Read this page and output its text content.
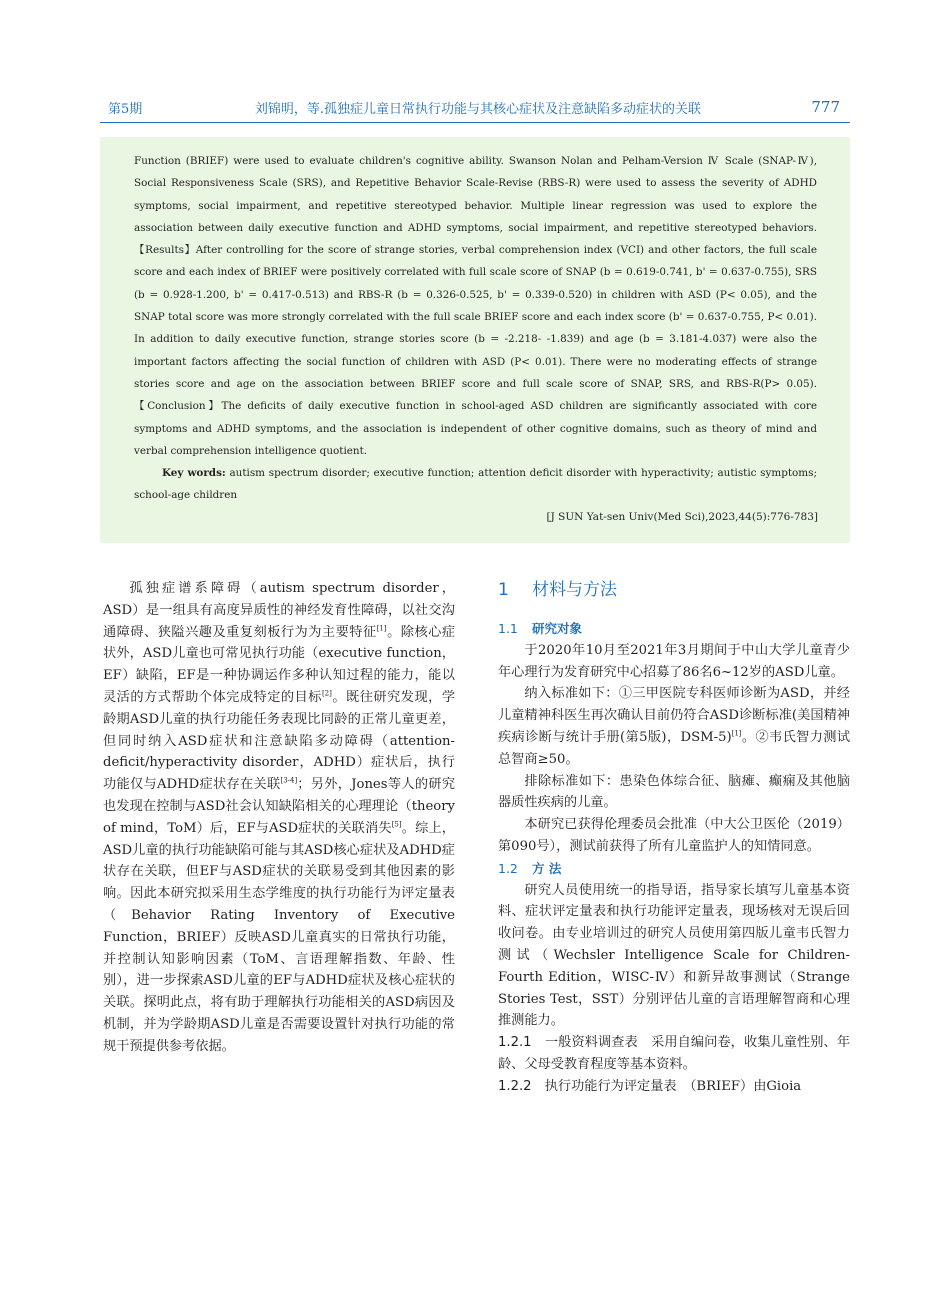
第5期	刘锦明，等.孤独症儿童日常执行功能与其核心症状及注意缺陷多动症状的关联	777

Function (BRIEF) were used to evaluate children's cognitive ability. Swanson Nolan and Pelham-Version Ⅳ Scale (SNAP-Ⅳ), Social Responsiveness Scale (SRS), and Repetitive Behavior Scale-Revise (RBS-R) were used to assess the severity of ADHD symptoms, social impairment, and repetitive stereotyped behavior. Multiple linear regression was used to explore the association between daily executive function and ADHD symptoms, social impairment, and repetitive stereotyped behaviors.【Results】After controlling for the score of strange stories, verbal comprehension index (VCI) and other factors, the full scale score and each index of BRIEF were positively correlated with full scale score of SNAP (b = 0.619-0.741, b' = 0.637-0.755), SRS (b = 0.928-1.200, b' = 0.417-0.513) and RBS-R (b = 0.326-0.525, b' = 0.339-0.520) in children with ASD (P< 0.05), and the SNAP total score was more strongly correlated with the full scale BRIEF score and each index score (b' = 0.637-0.755, P< 0.01). In addition to daily executive function, strange stories score (b = -2.218- -1.839) and age (b = 3.181-4.037) were also the important factors affecting the social function of children with ASD (P< 0.01). There were no moderating effects of strange stories score and age on the association between BRIEF score and full scale score of SNAP, SRS, and RBS-R(P> 0.05).【Conclusion】The deficits of daily executive function in school-aged ASD children are significantly associated with core symptoms and ADHD symptoms, and the association is independent of other cognitive domains, such as theory of mind and verbal comprehension intelligence quotient.

Key words: autism spectrum disorder; executive function; attention deficit disorder with hyperactivity; autistic symptoms; school-age children

[J SUN Yat-sen Univ(Med Sci),2023,44(5):776-783]

孤独症谱系障碍（autism spectrum disorder，ASD）是一组具有高度异质性的神经发育性障碍，以社交沟通障碍、狭隘兴趣及重复刻板行为为主要特征[1]。除核心症状外，ASD儿童也可常见执行功能（executive function，EF）缺陷，EF是一种协调运作多种认知过程的能力，能以灵活的方式帮助个体完成特定的目标[2]。既往研究发现，学龄期ASD儿童的执行功能任务表现比同龄的正常儿童更差，但同时纳入ASD症状和注意缺陷多动障碍（attention-deficit/hyperactivity disorder，ADHD）症状后，执行功能仅与ADHD症状存在关联[3-4]；另外，Jones等人的研究也发现在控制与ASD社会认知缺陷相关的心理理论（theory of mind，ToM）后，EF与ASD症状的关联消失[5]。综上，ASD儿童的执行功能缺陷可能与其ASD核心症状及ADHD症状存在关联，但EF与ASD症状的关联易受到其他因素的影响。因此本研究拟采用生态学维度的执行功能行为评定量表（Behavior Rating Inventory of Executive Function，BRIEF）反映ASD儿童真实的日常执行功能，并控制认知影响因素（ToM、言语理解指数、年龄、性别），进一步探索ASD儿童的EF与ADHD症状及核心症状的关联。探明此点，将有助于理解执行功能相关的ASD病因及机制，并为学龄期ASD儿童是否需要设置针对执行功能的常规干预提供参考依据。

1 材料与方法

1.1 研究对象

于2020年10月至2021年3月期间于中山大学儿童青少年心理行为发育研究中心招募了86名6~12岁的ASD儿童。

纳入标准如下：①三甲医院专科医师诊断为ASD，并经儿童精神科医生再次确认目前仍符合ASD诊断标准(美国精神疾病诊断与统计手册(第5版)，DSM-5)[1]。②韦氏智力测试总智商≥50。

排除标准如下：患染色体综合征、脑瘫、癫痫及其他脑器质性疾病的儿童。

本研究已获得伦理委员会批准（中大公卫医伦（2019）第090号），测试前获得了所有儿童监护人的知情同意。

1.2 方 法

研究人员使用统一的指导语，指导家长填写儿童基本资料、症状评定量表和执行功能评定量表，现场核对无误后回收问卷。由专业培训过的研究人员使用第四版儿童韦氏智力测试（Wechsler Intelligence Scale for Children-Fourth Edition，WISC-Ⅳ）和新异故事测试（Strange Stories Test，SST）分别评估儿童的言语理解智商和心理推测能力。

1.2.1　一般资料调查表　 采用自编问卷，收集儿童性别、年龄、父母受教育程度等基本资料。

1.2.2　执行功能行为评定量表　 （BRIEF）由Gioia
